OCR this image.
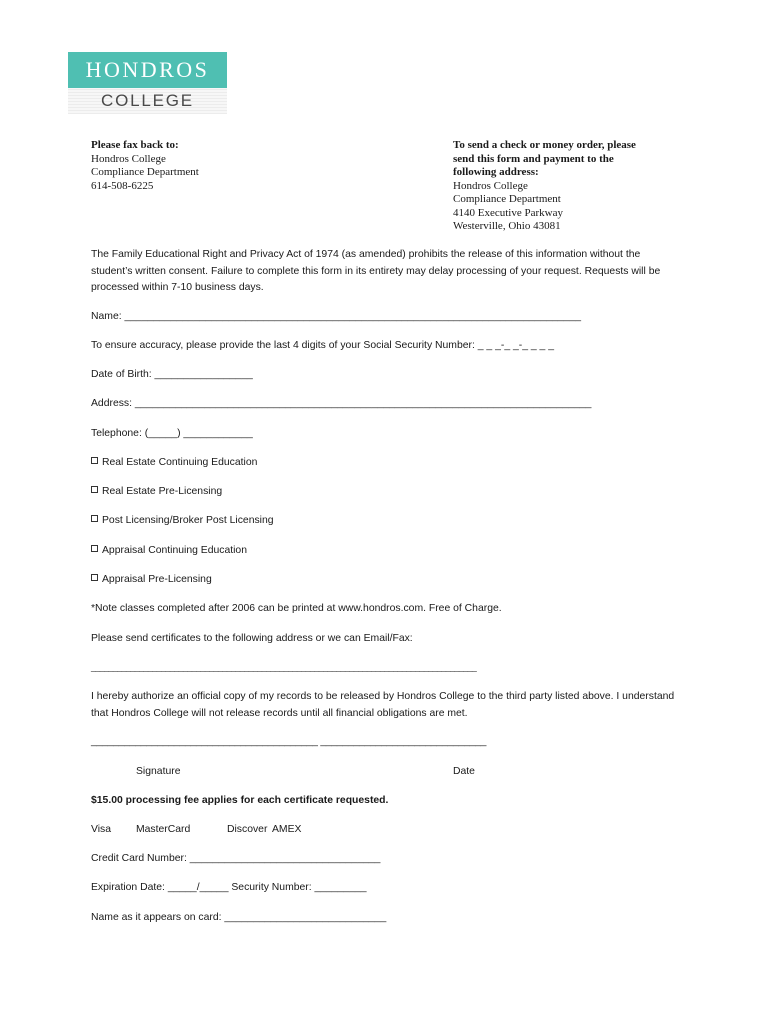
HONDROS
COLLEGE
Please fax back to:
Hondros College
Compliance Department
614-508-6225
To send a check or money order, please
send this form and payment to the
following address:
Hondros College
Compliance Department
4140 Executive Parkway
Westerville, Ohio 43081
The Family Educational Right and Privacy Act of 1974 (as amended) prohibits the release of this information without the student’s written consent. Failure to complete this form in its entirety may delay processing of your request. Requests will be processed within 7-10 business days.
Name: _______________________________________________________________________________
To ensure accuracy, please provide the last 4 digits of your Social Security Number: _ _ _-_ _-_ _ _ _
Date of Birth: _________________
Address: _______________________________________________________________________________
Telephone: (_____) ____________
Real Estate Continuing Education
Real Estate Pre-Licensing
Post Licensing/Broker Post Licensing
Appraisal Continuing Education
Appraisal Pre-Licensing
*Note classes completed after 2006 can be printed at www.hondros.com. Free of Charge.
Please send certificates to the following address or we can Email/Fax:
________________________________________________________________________________________
I hereby authorize an official copy of my records to be released by Hondros College to the third party listed above. I understand that Hondros College will not release records until all financial obligations are met.
_________________________________________ ______________________________
Signature	Date
$15.00 processing fee applies for each certificate requested.
Visa MasterCard	Discover AMEX
Credit Card Number: _________________________________
Expiration Date: _____/_____ Security Number: _________
Name as it appears on card: ____________________________
